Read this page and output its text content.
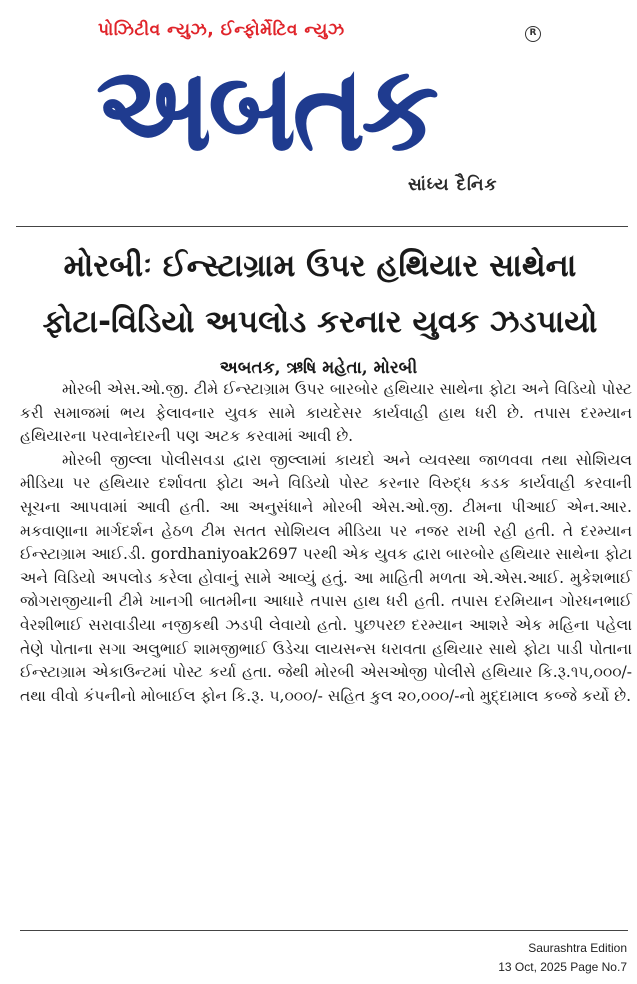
પોઝિટીવ ન્યુઝ, ઈન્ફોર્મેટિવ ન્યુઝ	R
અબતક
સાંધ્ય દૈનિક
મોરબીઃ ઈન્સ્ટાગ્રામ ઉપર હથિયાર સાથેના
ફોટા-વિડિયો અપલોડ કરનાર યુવક ઝડપાયો
અબતક, ઋષિ મહેતા, મોરબી

મોરબી એસ.ઓ.જી. ટીમે ઈન્સ્ટાગ્રામ ઉપર બારબોર હથિયાર સાથેના ફોટા અને વિડિયો પોસ્ટ કરી સમાજમાં ભય ફેલાવનાર યુવક સામે કાયદેસર કાર્યવાહી હાથ ધરી છે. તપાસ દરમ્યાન હથિયારના પરવાનેદારની પણ અટક કરવામાં આવી છે.

મોરબી જીલ્લા પોલીસવડા દ્વારા જીલ્લામાં કાયદો અને વ્યવસ્થા જાળવવા તથા સોશિયલ મીડિયા પર હથિયાર દર્શાવતા ફોટા અને વિડિયો પોસ્ટ કરનાર વિરુદ્ધ કડક કાર્યવાહી કરવાની સૂચના આપવામાં આવી હતી. આ અનુસંધાને મોરબી એસ.ઓ.જી. ટીમના પીઆઈ એન.આર. મકવાણાના માર્ગદર્શન હેઠળ ટીમ સતત સોશિયલ મીડિયા પર નજર રાખી રહી હતી. તે દરમ્યાન ઈન્સ્ટાગ્રામ આઈ.ડી. gordhaniyoak2697 પરથી એક યુવક દ્વારા બારબોર હથિયાર સાથેના ફોટા અને વિડિયો અપલોડ કરેલા હોવાનું સામે આવ્યું હતું. આ માહિતી મળતા એ.એસ.આઈ. મુકેશભાઈ જોગરાજીયાની ટીમે ખાનગી બાતમીના આધારે તપાસ હાથ ધરી હતી. તપાસ દરમિયાન ગોરધનભાઈ વેરશીભાઈ સરાવાડીયા નજીકથી ઝડપી લેવાયો હતો. પુછપરછ દરમ્યાન આશરે એક મહિના પહેલા તેણે પોતાના સગા અલુભાઈ શામજીભાઈ ઉડેચા લાયસન્સ ધરાવતા હથિયાર સાથે ફોટા પાડી પોતાના ઈન્સ્ટાગ્રામ એકાઉન્ટમાં પોસ્ટ કર્યા હતા. જેથી મોરબી એસઓજી પોલીસે હથિયાર કિ.રૂ.૧૫,૦૦૦/- તથા વીવો કંપનીનો મોબાઈલ ફોન કિ.રૂ. ૫,૦૦૦/- સહિત કુલ ૨૦,૦૦૦/-નો મુદ્દામાલ કબ્જે કર્યો છે.

Saurashtra Edition
13 Oct, 2025 Page No.7
